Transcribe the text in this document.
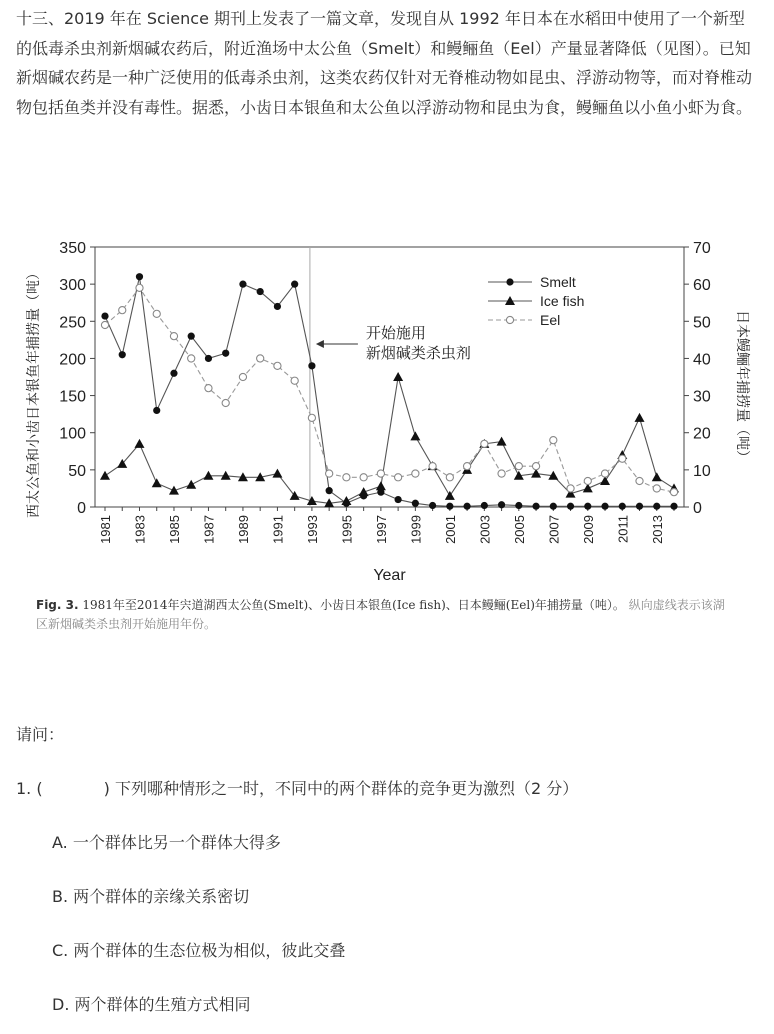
十三、2019 年在 Science 期刊上发表了一篇文章，发现自从 1992 年日本在水稻田中使用了一个新型的低毒杀虫剂新烟碱农药后，附近渔场中太公鱼（Smelt）和鳗鲡鱼（Eel）产量显著降低（见图）。已知新烟碱农药是一种广泛使用的低毒杀虫剂，这类农药仅针对无脊椎动物如昆虫、浮游动物等，而对脊椎动物包括鱼类并没有毒性。据悉，小齿日本银鱼和太公鱼以浮游动物和昆虫为食，鳗鲡鱼以小鱼小虾为食。

0
50
100
150
200
250
300
350
0
10
20
30
40
50
60
70
1981 1983 1985 1987 1989 1991 1993 1995 1997 1999 2001 2003 2005 2007 2009 2011 2013
Year
西太公鱼和小齿日本银鱼年捕捞量（吨）	日本鳗鲡年捕捞量（吨）
开始施用
新烟碱类杀虫剂
Smelt
Ice fish
Eel
Fig. 3. 1981年至2014年宍道湖西太公鱼(Smelt)、小齿日本银鱼(Ice fish)、日本鳗鲡(Eel)年捕捞量（吨）。 纵向虚线表示该湖区新烟碱类杀虫剂开始施用年份。
请问：
1. (            ) 下列哪种情形之一时，不同中的两个群体的竞争更为激烈（2 分）
A. 一个群体比另一个群体大得多
B. 两个群体的亲缘关系密切
C. 两个群体的生态位极为相似，彼此交叠
D. 两个群体的生殖方式相同
